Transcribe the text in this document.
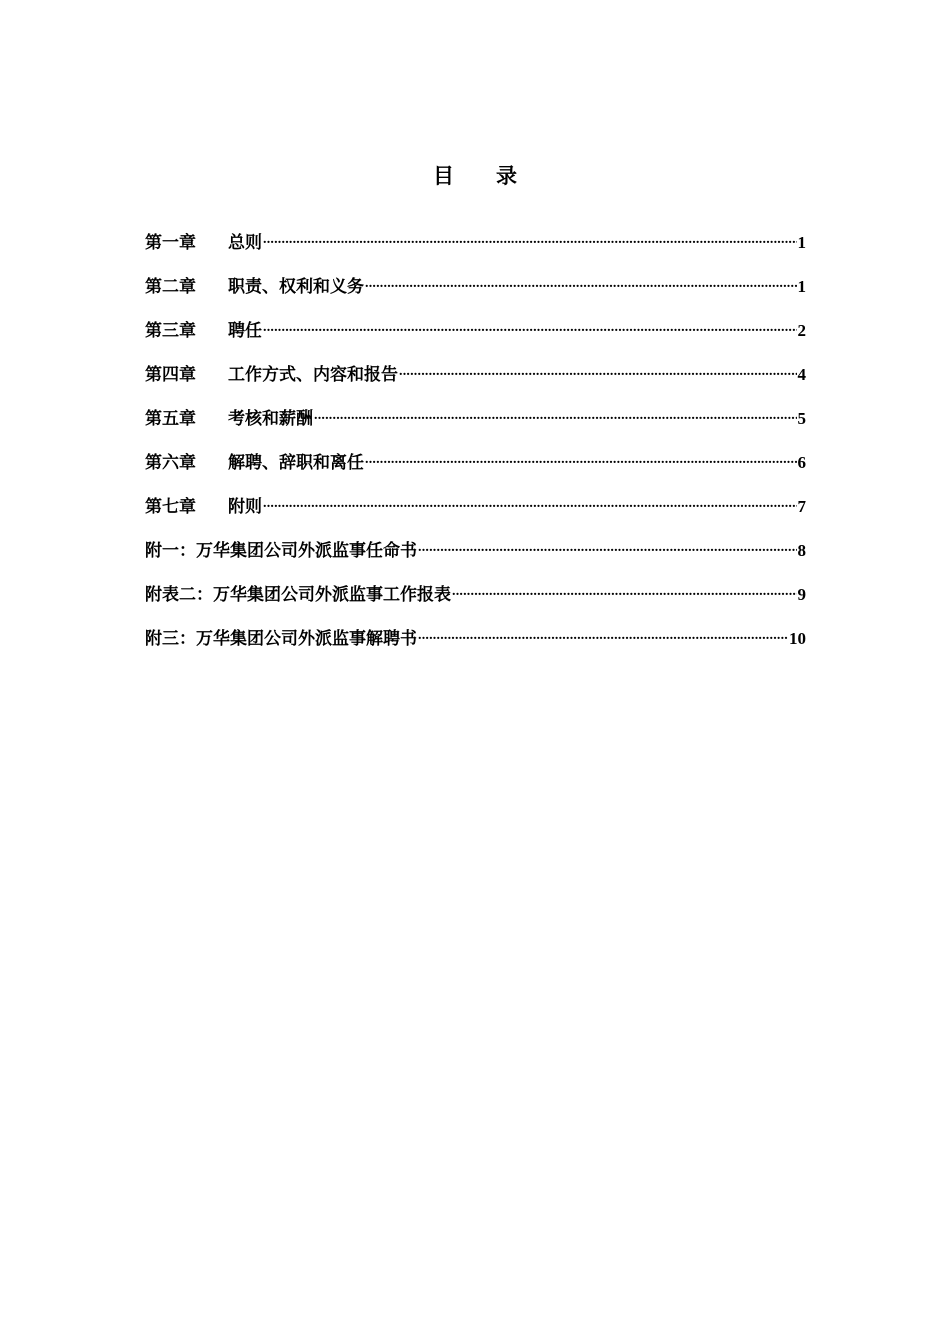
目 录
第一章	总则 .....	1
第二章	职责、权利和义务 .....	1
第三章	聘任 .....	2
第四章	工作方式、内容和报告 .....	4
第五章	考核和薪酬 .....	5
第六章	解聘、辞职和离任 .....	6
第七章	附则 .....	7
附一：万华集团公司外派监事任命书 .....	8
附表二：万华集团公司外派监事工作报表 .....	9
附三：万华集团公司外派监事解聘书 .....	10
